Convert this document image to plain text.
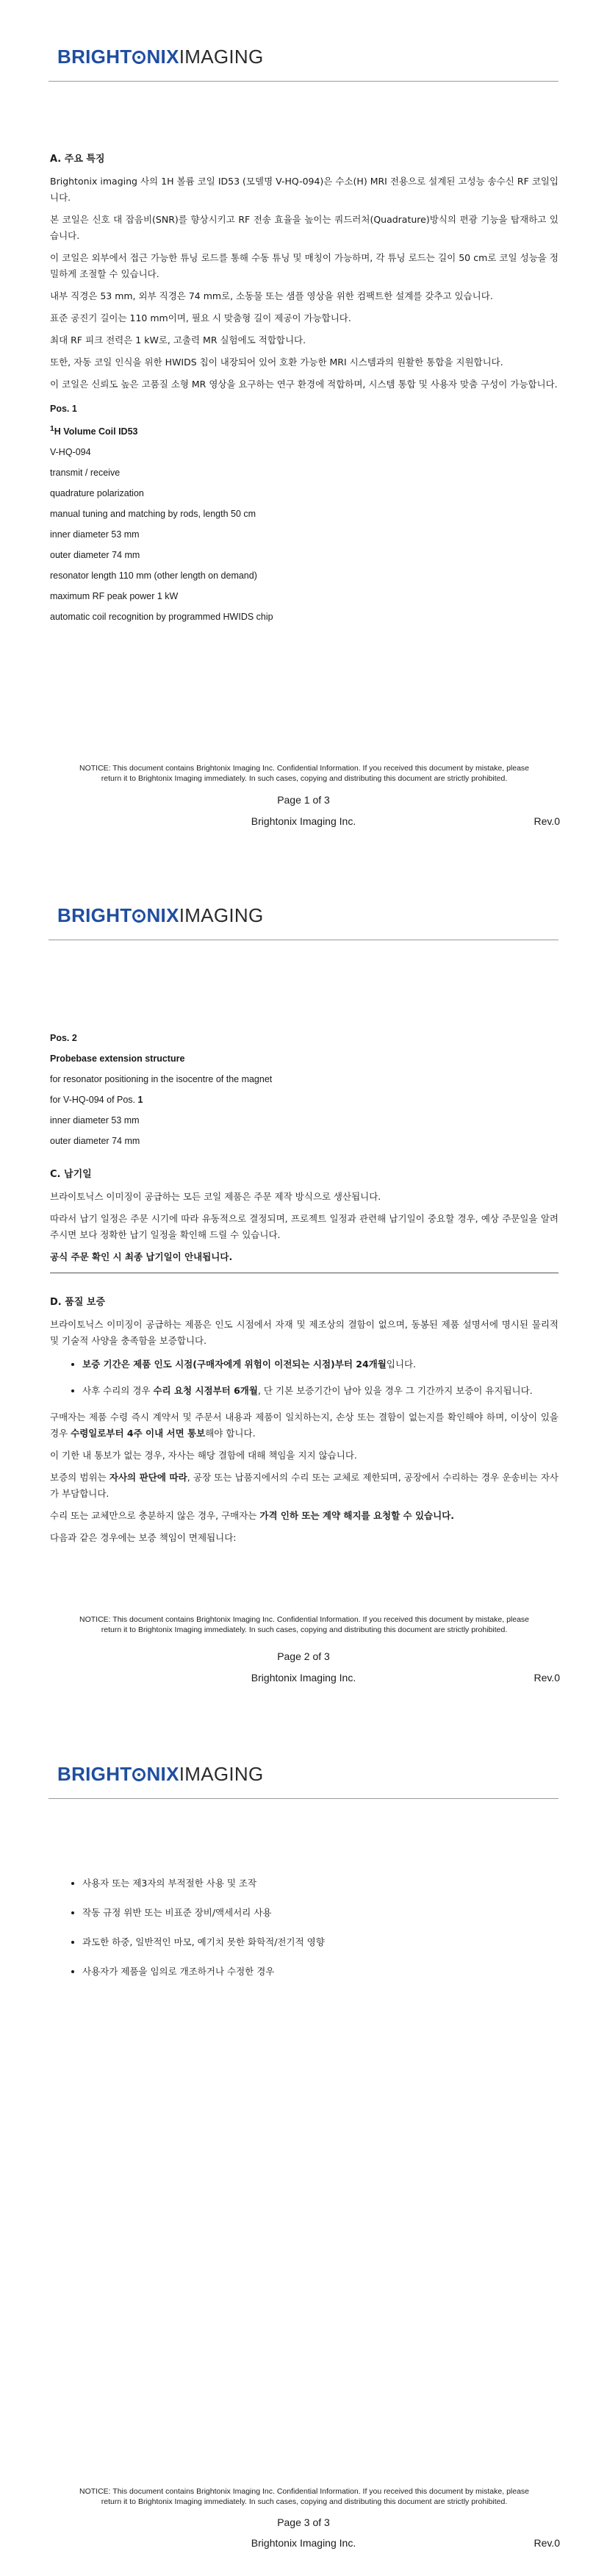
BRIGHT NIXIMAGING
A. 주요 특징

Brightonix imaging 사의 1H 볼륨 코일 ID53 (모델명 V-HQ-094)은 수소(H) MRI 전용으로 설계된 고성능 송수신 RF 코일입니다.

본 코일은 신호 대 잡음비(SNR)를 향상시키고 RF 전송 효율을 높이는 쿼드러처(Quadrature)방식의 편광 기능을 탑재하고 있습니다.

이 코일은 외부에서 접근 가능한 튜닝 로드를 통해 수동 튜닝 및 매칭이 가능하며, 각 튜닝 로드는 길이 50 cm로 코일 성능을 정밀하게 조절할 수 있습니다.

내부 직경은 53 mm, 외부 직경은 74 mm로, 소동물 또는 샘플 영상을 위한 컴팩트한 설계를 갖추고 있습니다.

표준 공진기 길이는 110 mm이며, 필요 시 맞춤형 길이 제공이 가능합니다.

최대 RF 피크 전력은 1 kW로, 고출력 MR 실험에도 적합합니다.

또한, 자동 코일 인식을 위한 HWIDS 칩이 내장되어 있어 호환 가능한 MRI 시스템과의 원활한 통합을 지원합니다.

이 코일은 신뢰도 높은 고품질 소형 MR 영상을 요구하는 연구 환경에 적합하며, 시스템 통합 및 사용자 맞춤 구성이 가능합니다.

Pos. 1
$^1$H Volume Coil ID53
V-HQ-094
transmit / receive
quadrature polarization
manual tuning and matching by rods, length 50 cm
inner diameter 53 mm
outer diameter 74 mm
resonator length 110 mm (other length on demand)
maximum RF peak power 1 kW
automatic coil recognition by programmed HWIDS chip
NOTICE: This document contains Brightonix Imaging Inc. Confidential Information. If you received this document by mistake, please
return it to Brightonix Imaging immediately. In such cases, copying and distributing this document are strictly prohibited.
Page 1 of 3
Brightonix Imaging Inc.	Rev.0
BRIGHT NIXIMAGING
Pos. 2
Probebase extension structure
for resonator positioning in the isocentre of the magnet
for V-HQ-094 of Pos. 1
inner diameter 53 mm
outer diameter 74 mm
C. 납기일

브라이토닉스 이미징이 공급하는 모든 코일 제품은 주문 제작 방식으로 생산됩니다.

따라서 납기 일정은 주문 시기에 따라 유동적으로 결정되며, 프로젝트 일정과 관련해 납기일이 중요할 경우, 예상 주문일을 알려주시면 보다 정확한 납기 일정을 확인해 드릴 수 있습니다.

공식 주문 확인 시 최종 납기일이 안내됩니다.

D. 품질 보증

브라이토닉스 이미징이 공급하는 제품은 인도 시점에서 자재 및 제조상의 결함이 없으며, 동봉된 제품 설명서에 명시된 물리적 및 기술적 사양을 충족함을 보증합니다.

• 보증 기간은 제품 인도 시점(구매자에게 위험이 이전되는 시점)부터 24개월입니다.
• 사후 수리의 경우 수리 요청 시점부터 6개월, 단 기본 보증기간이 남아 있을 경우 그 기간까지 보증이 유지됩니다.

구매자는 제품 수령 즉시 계약서 및 주문서 내용과 제품이 일치하는지, 손상 또는 결함이 없는지를 확인해야 하며, 이상이 있을 경우 수령일로부터 4주 이내 서면 통보해야 합니다.

이 기한 내 통보가 없는 경우, 자사는 해당 결함에 대해 책임을 지지 않습니다.

보증의 범위는 자사의 판단에 따라, 공장 또는 납품지에서의 수리 또는 교체로 제한되며, 공장에서 수리하는 경우 운송비는 자사가 부담합니다.

수리 또는 교체만으로 충분하지 않은 경우, 구매자는 가격 인하 또는 계약 해지를 요청할 수 있습니다.

다음과 같은 경우에는 보증 책임이 면제됩니다:

NOTICE: This document contains Brightonix Imaging Inc. Confidential Information. If you received this document by mistake, please
return it to Brightonix Imaging immediately. In such cases, copying and distributing this document are strictly prohibited.
Page 2 of 3
Brightonix Imaging Inc.	Rev.0
BRIGHT NIXIMAGING
• 사용자 또는 제3자의 부적절한 사용 및 조작
• 작동 규정 위반 또는 비표준 장비/액세서리 사용
• 과도한 하중, 일반적인 마모, 예기치 못한 화학적/전기적 영향
• 사용자가 제품을 임의로 개조하거나 수정한 경우
NOTICE: This document contains Brightonix Imaging Inc. Confidential Information. If you received this document by mistake, please
return it to Brightonix Imaging immediately. In such cases, copying and distributing this document are strictly prohibited.
Page 3 of 3
Brightonix Imaging Inc.	Rev.0
